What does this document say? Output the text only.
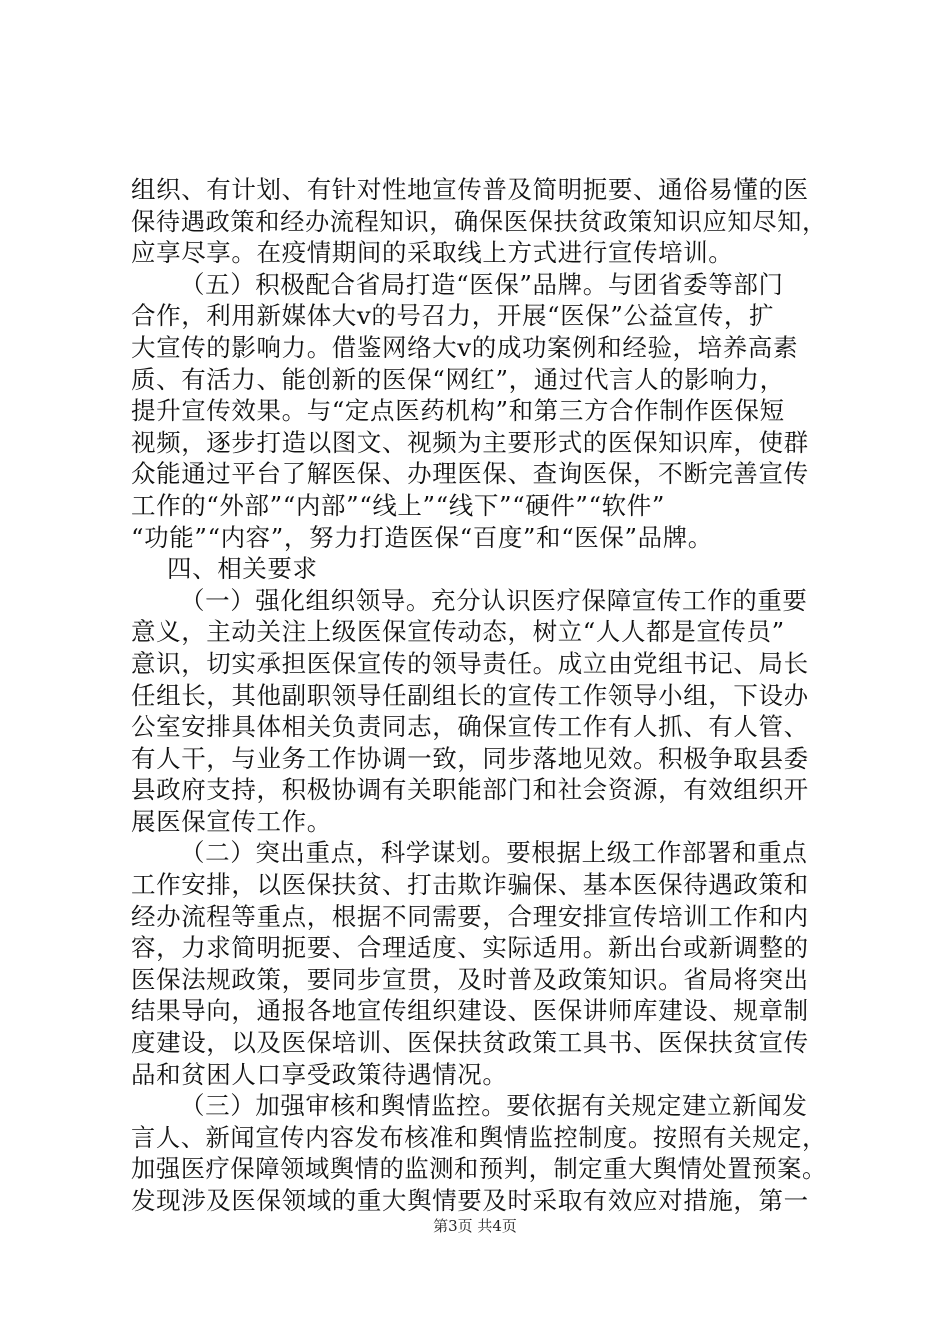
组织、有计划、有针对性地宣传普及简明扼要、通俗易懂的医
保待遇政策和经办流程知识，确保医保扶贫政策知识应知尽知，
应享尽享。在疫情期间的采取线上方式进行宣传培训。
（五）积极配合省局打造“医保”品牌。与团省委等部门
合作，利用新媒体大v的号召力，开展“医保”公益宣传，扩
大宣传的影响力。借鉴网络大v的成功案例和经验，培养高素
质、有活力、能创新的医保“网红”，通过代言人的影响力，
提升宣传效果。与“定点医药机构”和第三方合作制作医保短
视频，逐步打造以图文、视频为主要形式的医保知识库，使群
众能通过平台了解医保、办理医保、查询医保，不断完善宣传
工作的“外部”“内部”“线上”“线下”“硬件”“软件”
“功能”“内容”，努力打造医保“百度”和“医保”品牌。
四、相关要求
（一）强化组织领导。充分认识医疗保障宣传工作的重要
意义，主动关注上级医保宣传动态，树立“人人都是宣传员”
意识，切实承担医保宣传的领导责任。成立由党组书记、局长
任组长，其他副职领导任副组长的宣传工作领导小组，下设办
公室安排具体相关负责同志，确保宣传工作有人抓、有人管、
有人干，与业务工作协调一致，同步落地见效。积极争取县委
县政府支持，积极协调有关职能部门和社会资源，有效组织开
展医保宣传工作。
（二）突出重点，科学谋划。要根据上级工作部署和重点
工作安排，以医保扶贫、打击欺诈骗保、基本医保待遇政策和
经办流程等重点，根据不同需要，合理安排宣传培训工作和内
容，力求简明扼要、合理适度、实际适用。新出台或新调整的
医保法规政策，要同步宣贯，及时普及政策知识。省局将突出
结果导向，通报各地宣传组织建设、医保讲师库建设、规章制
度建设，以及医保培训、医保扶贫政策工具书、医保扶贫宣传
品和贫困人口享受政策待遇情况。
（三）加强审核和舆情监控。要依据有关规定建立新闻发
言人、新闻宣传内容发布核准和舆情监控制度。按照有关规定，
加强医疗保障领域舆情的监测和预判，制定重大舆情处置预案。
发现涉及医保领域的重大舆情要及时采取有效应对措施，第一
第3页 共4页
